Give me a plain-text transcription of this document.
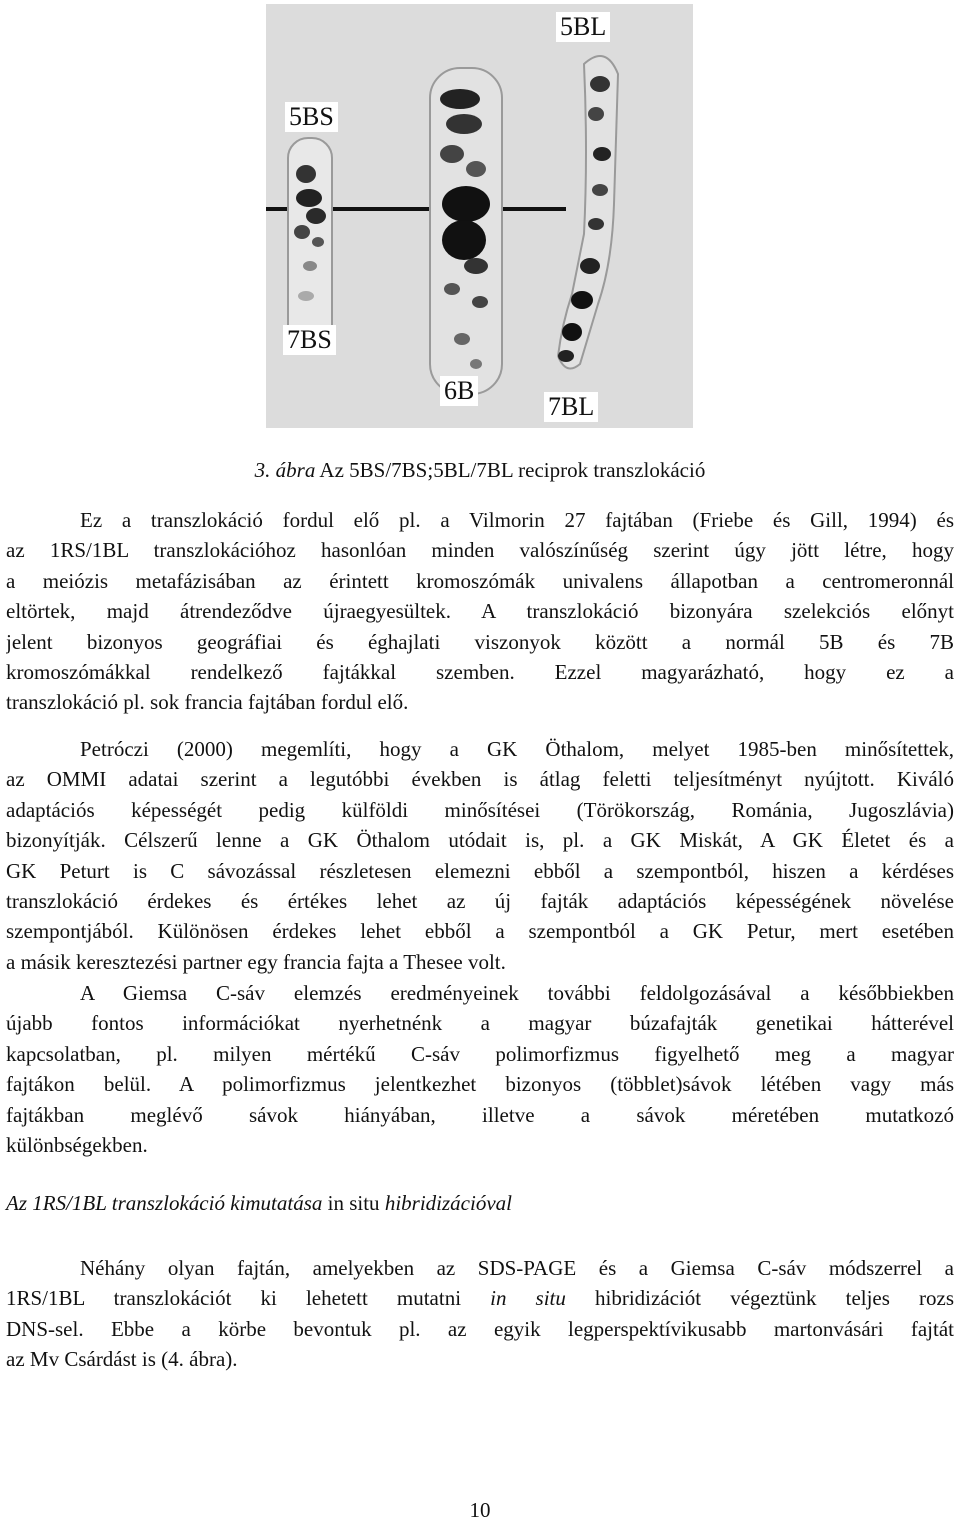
5BL
5BS
7BS
6B
7BL
3. ábra Az 5BS/7BS;5BL/7BL reciprok transzlokáció
Ez a transzlokáció fordul elő pl. a Vilmorin 27 fajtában (Friebe és Gill, 1994) és
az 1RS/1BL transzlokációhoz hasonlóan minden valószínűség szerint úgy jött létre, hogy
a meiózis metafázisában az érintett kromoszómák univalens állapotban a centromeronnál
eltörtek, majd átrendeződve újraegyesültek. A transzlokáció bizonyára szelekciós előnyt
jelent bizonyos geográfiai és éghajlati viszonyok között a normál 5B és 7B
kromoszómákkal rendelkező fajtákkal szemben. Ezzel magyarázható, hogy ez a
transzlokáció pl. sok francia fajtában fordul elő.
Petróczi (2000) megemlíti, hogy a GK Öthalom, melyet 1985-ben minősítettek,
az OMMI adatai szerint a legutóbbi években is átlag feletti teljesítményt nyújtott. Kiváló
adaptációs képességét pedig külföldi minősítései (Törökország, Románia, Jugoszlávia)
bizonyítják. Célszerű lenne a GK Öthalom utódait is, pl. a GK Miskát, A GK Életet és a
GK Peturt is C sávozással részletesen elemezni ebből a szempontból, hiszen a kérdéses
transzlokáció érdekes és értékes lehet az új fajták adaptációs képességének növelése
szempontjából. Különösen érdekes lehet ebből a szempontból a GK Petur, mert esetében
a másik keresztezési partner egy francia fajta a Thesee volt.
A Giemsa C-sáv elemzés eredményeinek további feldolgozásával a későbbiekben
újabb fontos információkat nyerhetnénk a magyar búzafajták genetikai hátterével
kapcsolatban, pl. milyen mértékű C-sáv polimorfizmus figyelhető meg a magyar
fajtákon belül. A polimorfizmus jelentkezhet bizonyos (többlet)sávok létében vagy más
fajtákban meglévő sávok hiányában, illetve a sávok méretében mutatkozó
különbségekben.
Az 1RS/1BL transzlokáció kimutatása in situ hibridizációval
Néhány olyan fajtán, amelyekben az SDS-PAGE és a Giemsa C-sáv módszerrel a
1RS/1BL transzlokációt ki lehetett mutatni in situ hibridizációt végeztünk teljes rozs
DNS-sel. Ebbe a körbe bevontuk pl. az egyik legperspektívikusabb martonvásári fajtát
az Mv Csárdást is (4. ábra).
10
